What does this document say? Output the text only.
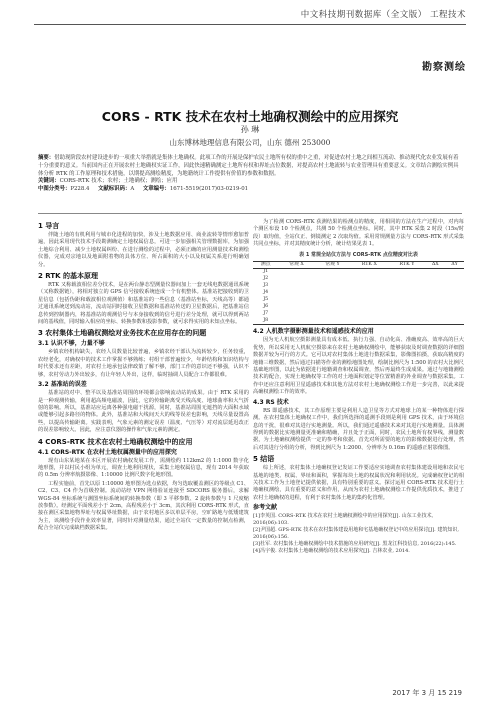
中文科技期刊数据库（全文版） 工程技术
勘察测绘
CORS - RTK 技术在农村土地确权测绘中的应用探究
孙 琳
山东博林地理信息有限公司，山东 德州 253000
摘要：借助现阶段农村建设进步的一项重大举措就是集体土地确权。此项工作的开展是保护农民土地所有权的重中之重，对促进农村土地之间相互流动、推动现代化农业发展有着十分重要的意义。当前国内正在开展农村土地确权实证工作，因此快速精确测定土地所有权和界址点位数据，对提高农村土地流转与农业管理具有重要意义。文章结合测绘实例具体分析 RTK 的工作原理和技术措施，以期提高测绘精度，为地籍统计工作提供有价值的参数和数据。
关键词：CORS-RTK 技术；农村；土地确权；测绘；应用
中图分类号：P228.4 文献标识码：A 文章编号：1671-5519(2017)03-0219-01
1 导言

伴随土地的有机利用与城市化进程的加快，涉及土地数据应用、商业流转等情形愈加普遍，因此采用现代技术手段勘测确定土地权属信息，可进一步加强相关管理数据库，为加强土地综合利用、减少土地权属纠纷、在进行测绘的过程中，必须正确的应用测量技术和测绘仪器，完成对宗地以及地面附着物的具体方位、所占面积的大小以及权属关系进行明确划分。

2 RTK 的基本原理

RTK 又称载波相位差分技术，是在两台静态型测量仪器间加上一套无线电数据通讯系统（又称数据链），将相对独立的 GPS 信号接收系统连成一个有机整体。基准站把接收到的卫星信息（包括伪距和载波相位观测值）和基准站的一些信息（基准站坐标，天线高等）都通过通讯系统送到流动站，流动站同时接收卫星数据和基准站传送的卫星数据后，把基准站信息传到控制器内，将基准站的观测信号与本身接收到的信号进行差分处理，就可以得到两站间的基线值，同时输入相应的坐标、转换参数和投影参数，就可求得实用的未知点坐标。

3 农村集体土地确权测绘对业务技术在应用存在的问题
3.1 认识不够，力量不够

乡镇农经机构缺失，农经人员数量比较普遍，乡镇农经干部认为流转较少，任务较重，农经老化，对确权中的技术工作掌握不够熟练；村组干部普遍较少，年龄结构和知识结构与时代要求还有差距，对农村土地承包法律政策了解不够，部门工作的意识还不够强，认识不够，农村劳动力外出较多，有让年轻人外出，这样，临时抽调人员配合工作都很难。

3.2 基准站的误差

基准站的对中、整平以及基准站周围的环境都会影响流动站的成果。由于 RTK 采用的是一种观测传输，利用超高频电磁波，因此，它的传输距离受天线高度、地球曲率和大气折射的影响。所以，基准站应远离各种强电磁干扰源，同时，基准站周围无遮挡的大面积水域或能够引起多路径的物体。此外，基准站和大线间天大的线等误差也影响，天线尽量设置高些，以提高传输距离。实践表明，气象元素的测定误差（温度、气压等）对对流层延迟改正的误差影响较大。因此，应注意仪器的操作和气象元素的测定。

4 CORS-RTK 技术在农村土地确权测绘中的应用
4.1 CORS-RTK 在农村土地权属测量中的应用探究

现有山东某地某在本区开展农村确权发展工作，需测绘约 112km2 的 1:1000 数字化地形图，并以村民小组为单元，调查土地利用现状，采集土地权属信息，现有 2014 年获取的 0.5m 分辨率航摄影像、1:10000 比例尺数字化地形图。

工程实施前，首先以原 1:10000 地形图为选点依据，均匀选取覆盖测区的等级点 C1、C2、C3、C4 作为首级控制。流动站经 VPN 网络验证连接至 SDCORS 服务器后，求解 WGS-84 坐标系统与测图坐标系统间的转换参数（即 3 平移参数、2 旋转参数与 1 尺度缩放参数）。经测定平面残差小于 2cm，高程残差小于 3cm，其次利用 CORS-RTK 形式，直接在测区采集地物界址与权属界址数据，由于农村地区多以单层平房，空旷路地与低矮建筑为主，该测绘手段作业效率显著，同时针对测量结果，通过全站仪一定数量的控制点检测，配合全站仪完成缺档数据采集。

为了检测 CORS-RTK 获测结果的检测点的精度，用相同的方法在生产过程中，对内每个测区布设 10 个检测点，共测 50 个检测点坐标。同时，其中 RTK 采集 2 时段（15s/时段）取均值，全站仪正、倒镜测定 2 次取均值。采用常规测量方法与 CORS-RTK 形式采集共同点坐标，并对其精度统计分析，统计结果见表 1。

表 1 常规全站仪方法与 CORS-RTK 点位精度对比表
测点	常规 X	常规 Y	RTK X	RTK Y	ΔX	ΔY
J1						
J2						
J3						
J4						
J5						
J6						
J7						
J8						
4.2 人机数字摄影测量技术和遥感技术的应用

因为无人机航空摄影测量具有成本低、执行力强、自动化高、准确度高、效率高的巨大优势，所以采用无人机航空摄影来在农村土地确权测绘中，能够获取及时调查数据的详细图数据并较为可行的方式。它可以对农村集体土地进行数据采集，影像图拍摄，获取高精度的地籍三维数据，然后通过扫描等作业的测绘地图处理，绘制比例尺为 1:500 的农村大比例尺基础地形图，以此为依据进行地籍调查和权属调查，然后再最终生成成果。通过与地籍测绘技术的配合，实现土地确权等工作的对土地面积划定等位置精准的外业调查与数据采集。工作中还应注意利用卫星遥感技术和其他方法对农村土地确权测绘工作进一步完善，以此来提高确权测绘工作的效率。

4.3 RS 技术

RS 即遥感技术，其工作原理主要是利用人造卫星等方式对地球上的某一种物体进行探测。在农村集体土地确权工作中，我们所选择的遥测手段则是利用 GPS 技术，由于环境信息的干扰，很难对其进行实地测量。所以，我们通过遥感技术来对其进行实地测量。具体测得到的数据比实地测量更准确和精确，并且处于正面，同时，农民土地所有权界线，测量数据，为土地确权测绘提供一定的参考和依据。首先对所需要的地方的影像数据进行处理，然后对其进行分组的分析，得到比例尺为 1:2000、分辨率为 0.16m 的遥感正射影像图。

5 结语

综上所述，农村集体土地确权登记发证工作要适应实地调查农村集体建设用地和农民宅基地的地类、权属、界址和面积，掌握每块土地的权属状况和利用状况。完成确权登记的相关技术工作为土地登记提供依据，具有特别重要的意义。探讨运用 CORS-RTK 技术进行土地确权测绘，具有重要的意义和作用，从而为农村土地确权测绘工作提供优质技术，推进了农村土地确权的进程，有利于农村集体土地的集约化管理。

参考文献
[1]李英国. CORS-RTK 技术在农村土地确权测绘中的应用探究[J]. 山东工业技术, 2016(06):103.
[2]尹国超. GPS-RTK 技术在农村集体建设用地和宅基地确权登记中的应用探讨[J]. 建筑知识, 2016(06):156.
[3]杜军. 农村集体土地确权测绘中技术措施的应用研究[J]. 黑龙江科技信息, 2016(22):145.
[4]冯宇俊. 农村集体土地确权测绘的技术应用探究[J]. 吉林农业, 2014.
2017 年 3 月 15 219
